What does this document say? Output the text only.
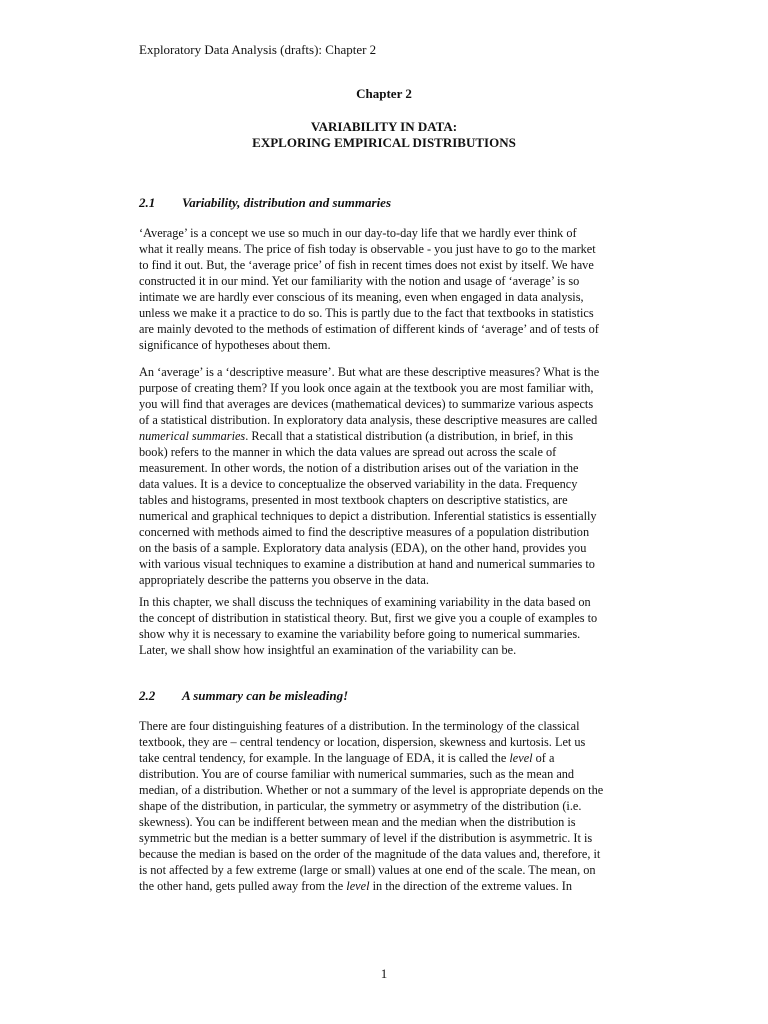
Exploratory Data Analysis (drafts): Chapter 2
Chapter 2
VARIABILITY IN DATA:
EXPLORING EMPIRICAL DISTRIBUTIONS
2.1 Variability, distribution and summaries
‘Average’ is a concept we use so much in our day-to-day life that we hardly ever think of
what it really means. The price of fish today is observable - you just have to go to the market
to find it out. But, the ‘average price’ of fish in recent times does not exist by itself. We have
constructed it in our mind. Yet our familiarity with the notion and usage of ‘average’ is so
intimate we are hardly ever conscious of its meaning, even when engaged in data analysis,
unless we make it a practice to do so. This is partly due to the fact that textbooks in statistics
are mainly devoted to the methods of estimation of different kinds of ‘average’ and of tests of
significance of hypotheses about them.
An ‘average’ is a ‘descriptive measure’. But what are these descriptive measures? What is the
purpose of creating them? If you look once again at the textbook you are most familiar with,
you will find that averages are devices (mathematical devices) to summarize various aspects
of a statistical distribution. In exploratory data analysis, these descriptive measures are called
numerical summaries. Recall that a statistical distribution (a distribution, in brief, in this
book) refers to the manner in which the data values are spread out across the scale of
measurement. In other words, the notion of a distribution arises out of the variation in the
data values. It is a device to conceptualize the observed variability in the data. Frequency
tables and histograms, presented in most textbook chapters on descriptive statistics, are
numerical and graphical techniques to depict a distribution. Inferential statistics is essentially
concerned with methods aimed to find the descriptive measures of a population distribution
on the basis of a sample. Exploratory data analysis (EDA), on the other hand, provides you
with various visual techniques to examine a distribution at hand and numerical summaries to
appropriately describe the patterns you observe in the data.
In this chapter, we shall discuss the techniques of examining variability in the data based on
the concept of distribution in statistical theory. But, first we give you a couple of examples to
show why it is necessary to examine the variability before going to numerical summaries.
Later, we shall show how insightful an examination of the variability can be.
2.2 A summary can be misleading!
There are four distinguishing features of a distribution. In the terminology of the classical
textbook, they are – central tendency or location, dispersion, skewness and kurtosis. Let us
take central tendency, for example. In the language of EDA, it is called the level of a
distribution. You are of course familiar with numerical summaries, such as the mean and
median, of a distribution. Whether or not a summary of the level is appropriate depends on the
shape of the distribution, in particular, the symmetry or asymmetry of the distribution (i.e.
skewness). You can be indifferent between mean and the median when the distribution is
symmetric but the median is a better summary of level if the distribution is asymmetric. It is
because the median is based on the order of the magnitude of the data values and, therefore, it
is not affected by a few extreme (large or small) values at one end of the scale. The mean, on
the other hand, gets pulled away from the level in the direction of the extreme values. In
1
